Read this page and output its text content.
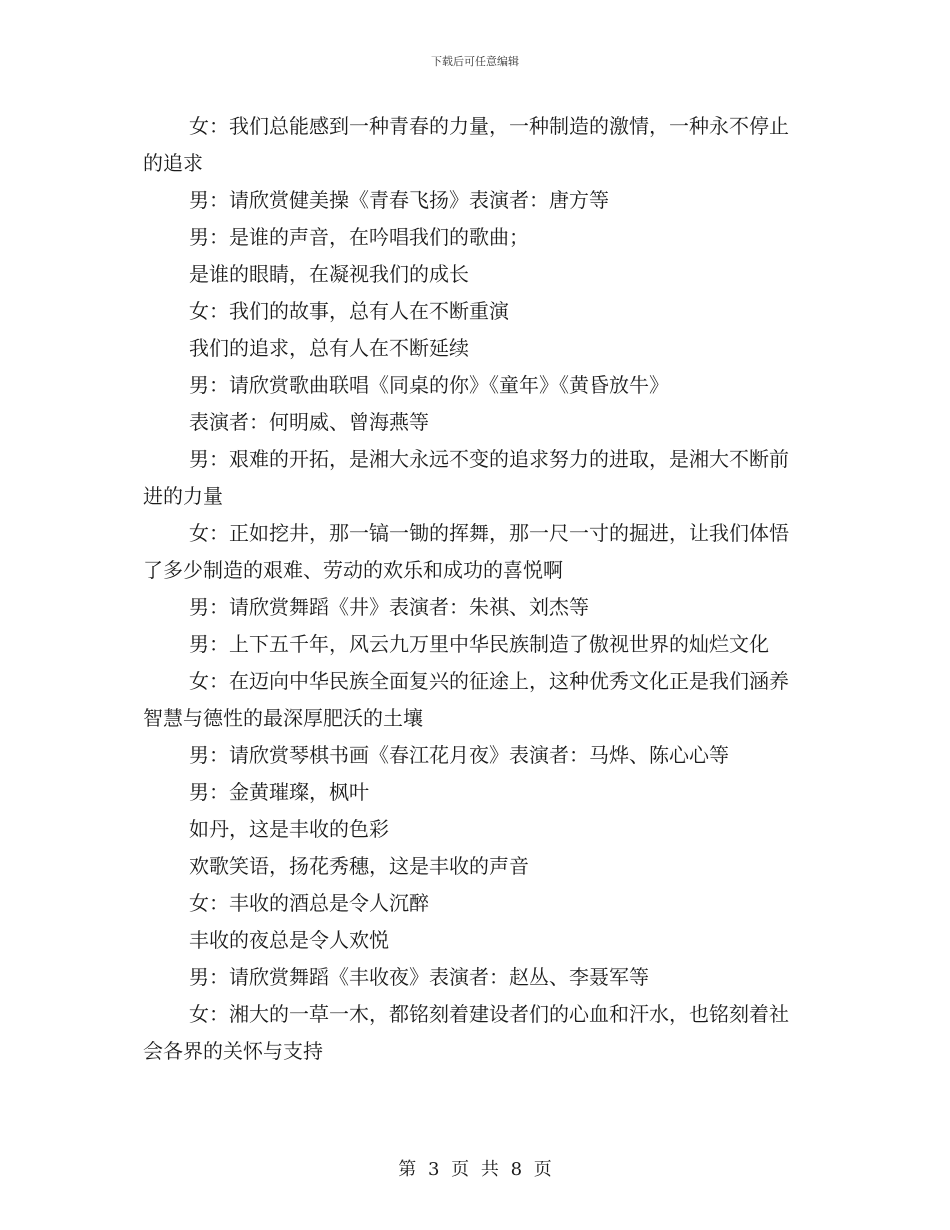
下载后可任意编辑

女：我们总能感到一种青春的力量，一种制造的激情，一种永不停止的追求

男：请欣赏健美操《青春飞扬》表演者：唐方等

男：是谁的声音，在吟唱我们的歌曲；

是谁的眼睛，在凝视我们的成长

女：我们的故事，总有人在不断重演

我们的追求，总有人在不断延续

男：请欣赏歌曲联唱《同桌的你》《童年》《黄昏放牛》

表演者：何明威、曾海燕等

男：艰难的开拓，是湘大永远不变的追求努力的进取，是湘大不断前进的力量

女：正如挖井，那一镐一锄的挥舞，那一尺一寸的掘进，让我们体悟了多少制造的艰难、劳动的欢乐和成功的喜悦啊

男：请欣赏舞蹈《井》表演者：朱祺、刘杰等

男：上下五千年，风云九万里中华民族制造了傲视世界的灿烂文化

女：在迈向中华民族全面复兴的征途上，这种优秀文化正是我们涵养智慧与德性的最深厚肥沃的土壤

男：请欣赏琴棋书画《春江花月夜》表演者：马烨、陈心心等

男：金黄璀璨，枫叶

如丹，这是丰收的色彩

欢歌笑语，扬花秀穗，这是丰收的声音

女：丰收的酒总是令人沉醉

丰收的夜总是令人欢悦

男：请欣赏舞蹈《丰收夜》表演者：赵丛、李聂军等

女：湘大的一草一木，都铭刻着建设者们的心血和汗水，也铭刻着社会各界的关怀与支持

第 3 页 共 8 页
